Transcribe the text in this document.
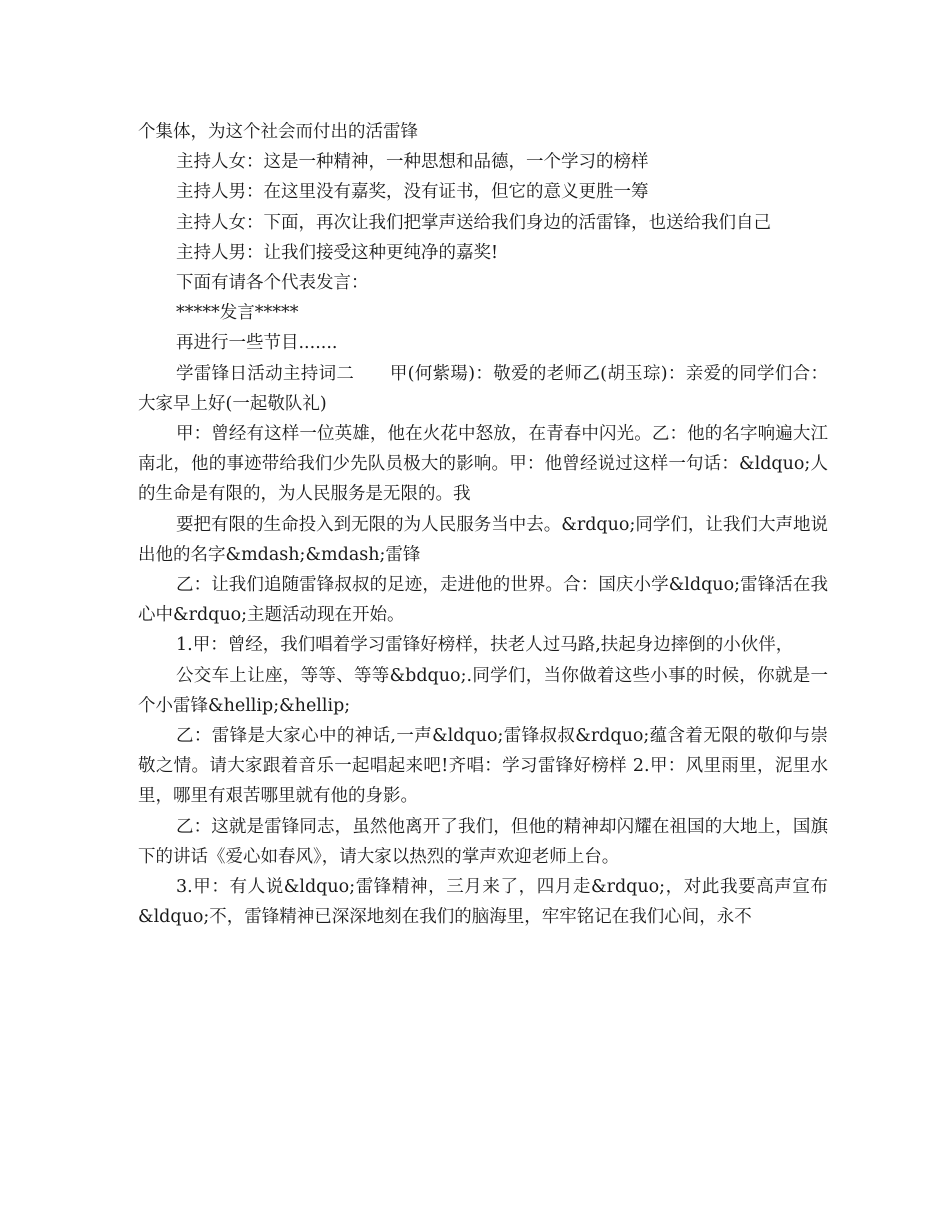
个集体，为这个社会而付出的活雷锋

主持人女：这是一种精神，一种思想和品德，一个学习的榜样

主持人男：在这里没有嘉奖，没有证书，但它的意义更胜一筹

主持人女：下面，再次让我们把掌声送给我们身边的活雷锋，也送给我们自己

主持人男：让我们接受这种更纯净的嘉奖!

下面有请各个代表发言：

*****发言*****

再进行一些节目.......

学雷锋日活动主持词二　　甲(何紫瑒)：敬爱的老师乙(胡玉琮)：亲爱的同学们合：大家早上好(一起敬队礼)

甲：曾经有这样一位英雄，他在火花中怒放，在青春中闪光。乙：他的名字响遍大江南北，他的事迹带给我们少先队员极大的影响。甲：他曾经说过这样一句话：&ldquo;人的生命是有限的，为人民服务是无限的。我

要把有限的生命投入到无限的为人民服务当中去。&rdquo;同学们，让我们大声地说出他的名字&mdash;&mdash;雷锋

乙：让我们追随雷锋叔叔的足迹，走进他的世界。合：国庆小学&ldquo;雷锋活在我心中&rdquo;主题活动现在开始。

1.甲：曾经，我们唱着学习雷锋好榜样，扶老人过马路,扶起身边摔倒的小伙伴，

公交车上让座，等等、等等&bdquo;.同学们，当你做着这些小事的时候，你就是一个小雷锋&hellip;&hellip;

乙：雷锋是大家心中的神话,一声&ldquo;雷锋叔叔&rdquo;蕴含着无限的敬仰与崇敬之情。请大家跟着音乐一起唱起来吧!齐唱：学习雷锋好榜样 2.甲：风里雨里，泥里水里，哪里有艰苦哪里就有他的身影。

乙：这就是雷锋同志，虽然他离开了我们，但他的精神却闪耀在祖国的大地上，国旗下的讲话《爱心如春风》，请大家以热烈的掌声欢迎老师上台。

3.甲：有人说&ldquo;雷锋精神，三月来了，四月走&rdquo;，对此我要高声宣布&ldquo;不，雷锋精神已深深地刻在我们的脑海里，牢牢铭记在我们心间，永不
